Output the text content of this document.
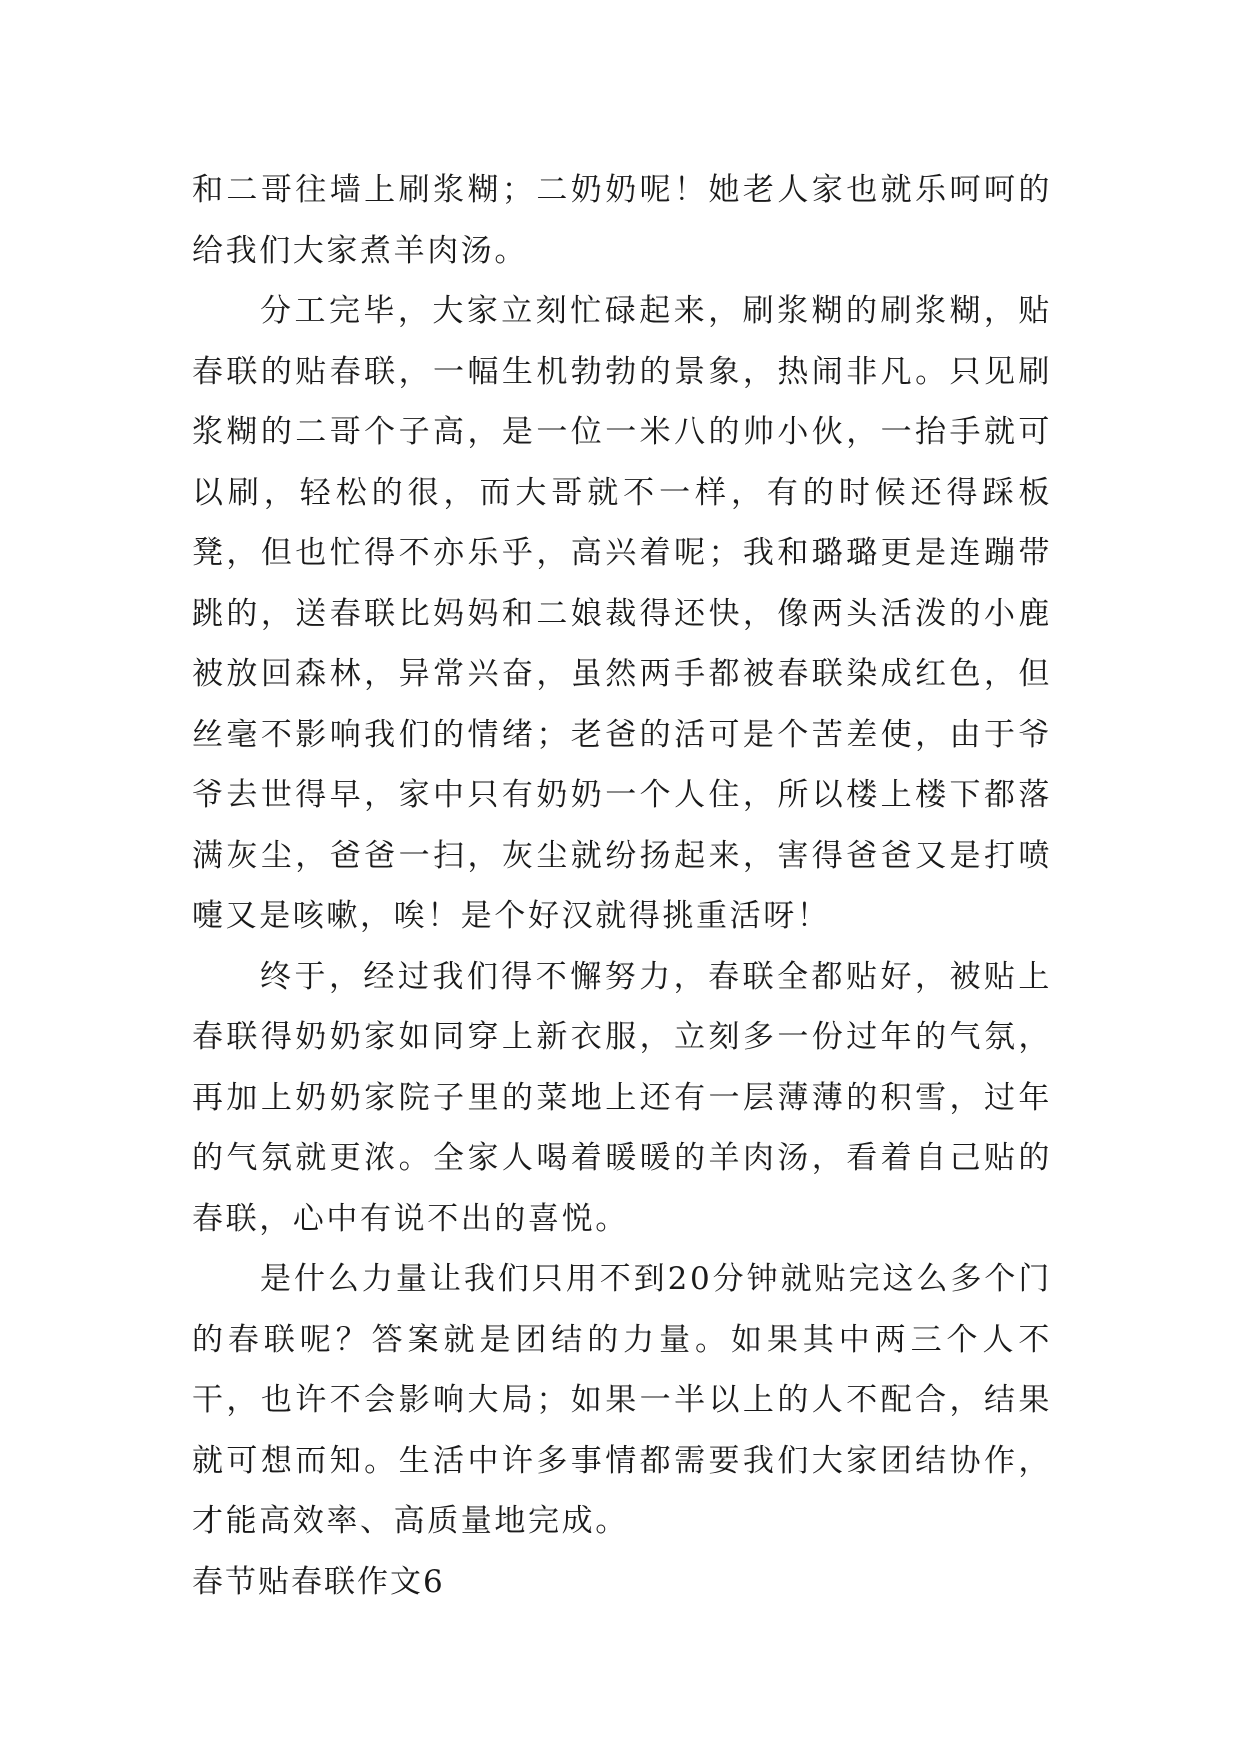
和二哥往墙上刷浆糊；二奶奶呢！她老人家也就乐呵呵的给我们大家煮羊肉汤。

分工完毕，大家立刻忙碌起来，刷浆糊的刷浆糊，贴春联的贴春联，一幅生机勃勃的景象，热闹非凡。只见刷浆糊的二哥个子高，是一位一米八的帅小伙，一抬手就可以刷，轻松的很，而大哥就不一样，有的时候还得踩板凳，但也忙得不亦乐乎，高兴着呢；我和璐璐更是连蹦带跳的，送春联比妈妈和二娘裁得还快，像两头活泼的小鹿被放回森林，异常兴奋，虽然两手都被春联染成红色，但丝毫不影响我们的情绪；老爸的活可是个苦差使，由于爷爷去世得早，家中只有奶奶一个人住，所以楼上楼下都落满灰尘，爸爸一扫，灰尘就纷扬起来，害得爸爸又是打喷嚏又是咳嗽，唉！是个好汉就得挑重活呀！

终于，经过我们得不懈努力，春联全都贴好，被贴上春联得奶奶家如同穿上新衣服，立刻多一份过年的气氛，再加上奶奶家院子里的菜地上还有一层薄薄的积雪，过年的气氛就更浓。全家人喝着暖暖的羊肉汤，看着自己贴的春联，心中有说不出的喜悦。

是什么力量让我们只用不到20分钟就贴完这么多个门的春联呢？答案就是团结的力量。如果其中两三个人不干，也许不会影响大局；如果一半以上的人不配合，结果就可想而知。生活中许多事情都需要我们大家团结协作，才能高效率、高质量地完成。

春节贴春联作文6
